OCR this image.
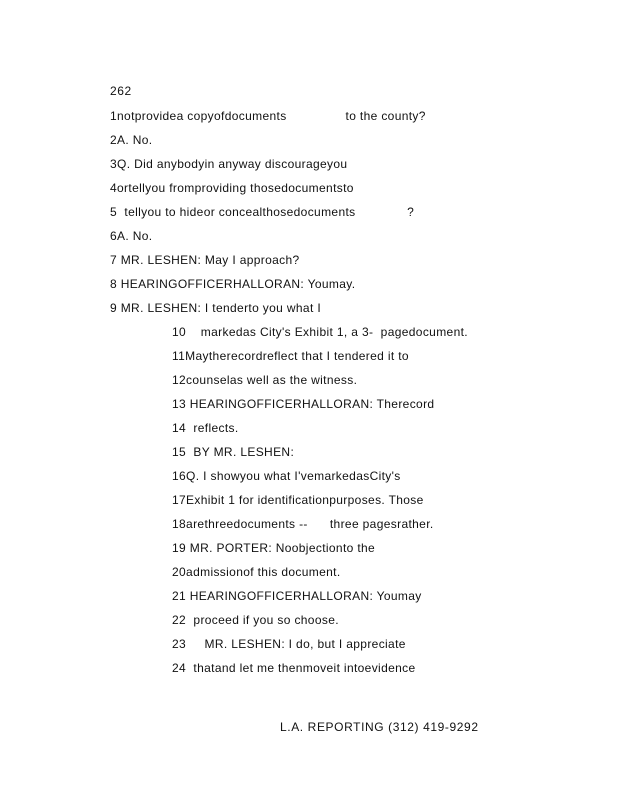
262
1notprovidea copyofdocuments                to the county?
2A. No.
3Q. Did anybodyin anyway discourageyou
4ortellyou fromproviding thosedocumentsto
5  tellyou to hideor concealthosedocuments              ?
6A. No.
7 MR. LESHEN: May I approach?
8 HEARINGOFFICERHALLORAN: Youmay.
9 MR. LESHEN: I tenderto you what I
10    markedas City's Exhibit 1, a 3-  pagedocument.
11Maytherecordreflect that I tendered it to
12counselas well as the witness.
13 HEARINGOFFICERHALLORAN: Therecord
14  reflects.
15  BY MR. LESHEN:
16Q. I showyou what I'vemarkedasCity's
17Exhibit 1 for identificationpurposes. Those
18arethreedocuments --      three pagesrather.
19 MR. PORTER: Noobjectionto the
20admissionof this document.
21 HEARINGOFFICERHALLORAN: Youmay
22  proceed if you so choose.
23     MR. LESHEN: I do, but I appreciate
24  thatand let me thenmoveit intoevidence
L.A. REPORTING (312) 419-9292
